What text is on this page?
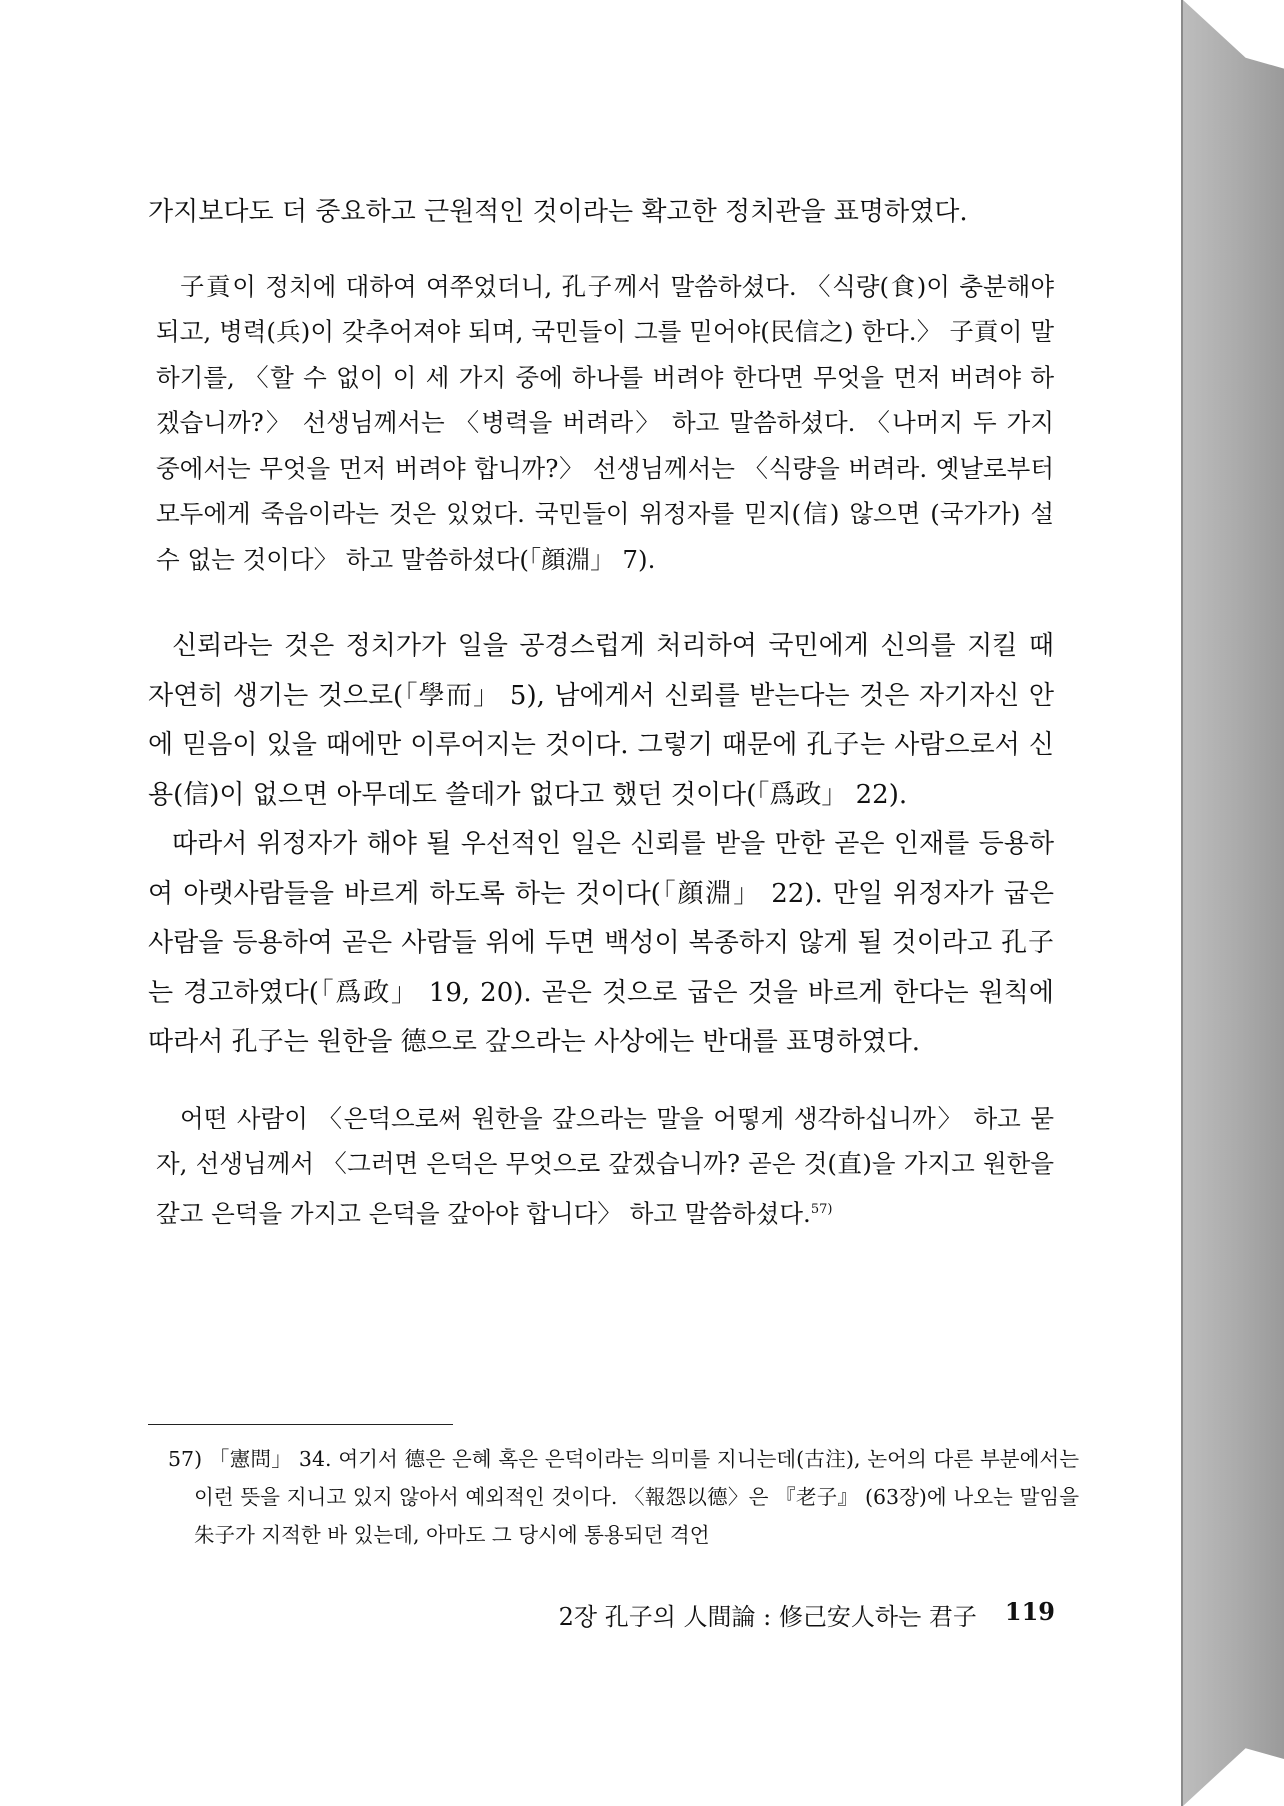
가지보다도 더 중요하고 근원적인 것이라는 확고한 정치관을 표명하였다.

子貢이 정치에 대하여 여쭈었더니, 孔子께서 말씀하셨다. 〈식량(食)이 충분해야 되고, 병력(兵)이 갖추어져야 되며, 국민들이 그를 믿어야(民信之) 한다.〉 子貢이 말하기를, 〈할 수 없이 이 세 가지 중에 하나를 버려야 한다면 무엇을 먼저 버려야 하겠습니까?〉 선생님께서는 〈병력을 버려라〉 하고 말씀하셨다. 〈나머지 두 가지 중에서는 무엇을 먼저 버려야 합니까?〉 선생님께서는 〈식량을 버려라. 옛날로부터 모두에게 죽음이라는 것은 있었다. 국민들이 위정자를 믿지(信) 않으면 (국가가) 설 수 없는 것이다〉 하고 말씀하셨다(「顔淵」 7).

신뢰라는 것은 정치가가 일을 공경스럽게 처리하여 국민에게 신의를 지킬 때 자연히 생기는 것으로(「學而」 5), 남에게서 신뢰를 받는다는 것은 자기자신 안에 믿음이 있을 때에만 이루어지는 것이다. 그렇기 때문에 孔子는 사람으로서 신용(信)이 없으면 아무데도 쓸데가 없다고 했던 것이다(「爲政」 22).

따라서 위정자가 해야 될 우선적인 일은 신뢰를 받을 만한 곧은 인재를 등용하여 아랫사람들을 바르게 하도록 하는 것이다(「顔淵」 22). 만일 위정자가 굽은 사람을 등용하여 곧은 사람들 위에 두면 백성이 복종하지 않게 될 것이라고 孔子는 경고하였다(「爲政」 19, 20). 곧은 것으로 굽은 것을 바르게 한다는 원칙에 따라서 孔子는 원한을 德으로 갚으라는 사상에는 반대를 표명하였다.

어떤 사람이 〈은덕으로써 원한을 갚으라는 말을 어떻게 생각하십니까〉 하고 묻자, 선생님께서 〈그러면 은덕은 무엇으로 갚겠습니까? 곧은 것(直)을 가지고 원한을 갚고 은덕을 가지고 은덕을 갚아야 합니다〉 하고 말씀하셨다.$^{57)}$

57) 「憲問」 34. 여기서 德은 은혜 혹은 은덕이라는 의미를 지니는데(古注), 논어의 다른 부분에서는 이런 뜻을 지니고 있지 않아서 예외적인 것이다. 〈報怨以德〉은 『老子』 (63장)에 나오는 말임을 朱子가 지적한 바 있는데, 아마도 그 당시에 통용되던 격언
2장 孔子의 人間論 : 修己安人하는 君子 119
